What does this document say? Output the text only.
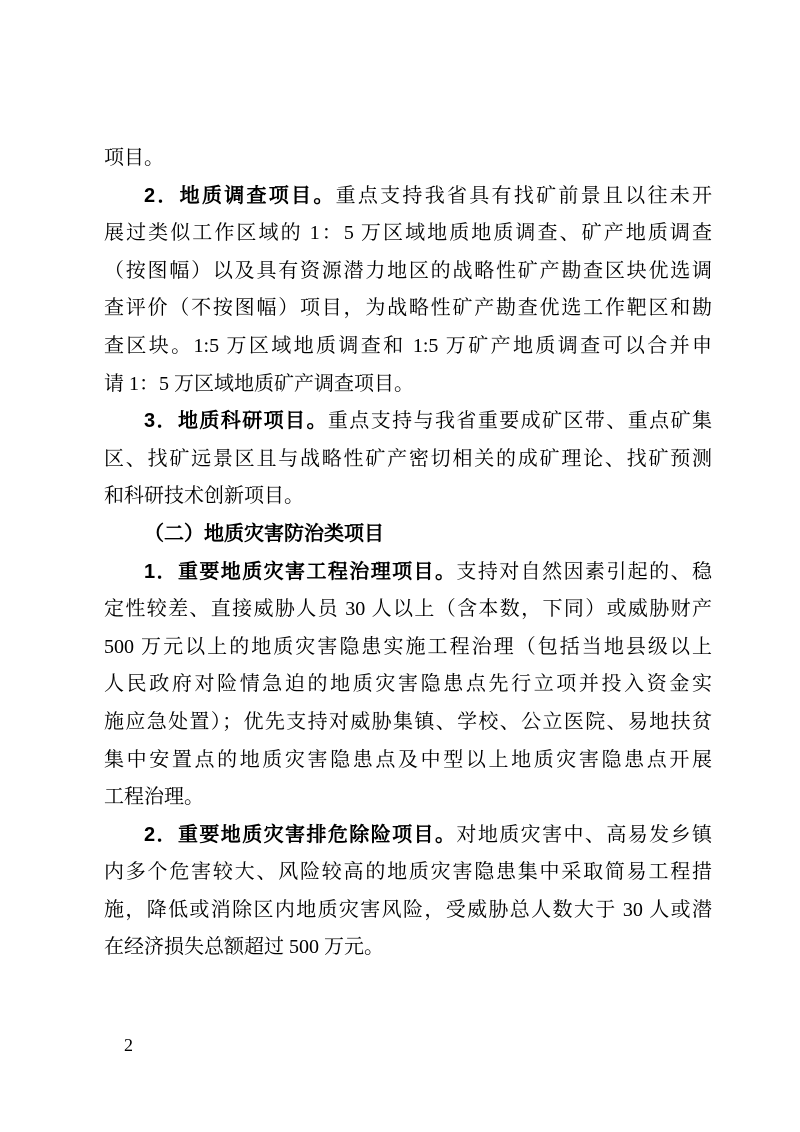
项目。
2．地质调查项目。重点支持我省具有找矿前景且以往未开
展过类似工作区域的 1：5 万区域地质地质调查、矿产地质调查
（按图幅）以及具有资源潜力地区的战略性矿产勘查区块优选调
查评价（不按图幅）项目，为战略性矿产勘查优选工作靶区和勘
查区块。1:5 万区域地质调查和 1:5 万矿产地质调查可以合并申
请 1：5 万区域地质矿产调查项目。
3．地质科研项目。重点支持与我省重要成矿区带、重点矿集
区、找矿远景区且与战略性矿产密切相关的成矿理论、找矿预测
和科研技术创新项目。
（二）地质灾害防治类项目
1．重要地质灾害工程治理项目。支持对自然因素引起的、稳
定性较差、直接威胁人员 30 人以上（含本数，下同）或威胁财产
500 万元以上的地质灾害隐患实施工程治理（包括当地县级以上
人民政府对险情急迫的地质灾害隐患点先行立项并投入资金实
施应急处置）；优先支持对威胁集镇、学校、公立医院、易地扶贫
集中安置点的地质灾害隐患点及中型以上地质灾害隐患点开展
工程治理。
2．重要地质灾害排危除险项目。对地质灾害中、高易发乡镇
内多个危害较大、风险较高的地质灾害隐患集中采取简易工程措
施，降低或消除区内地质灾害风险，受威胁总人数大于 30 人或潜
在经济损失总额超过 500 万元。
2
